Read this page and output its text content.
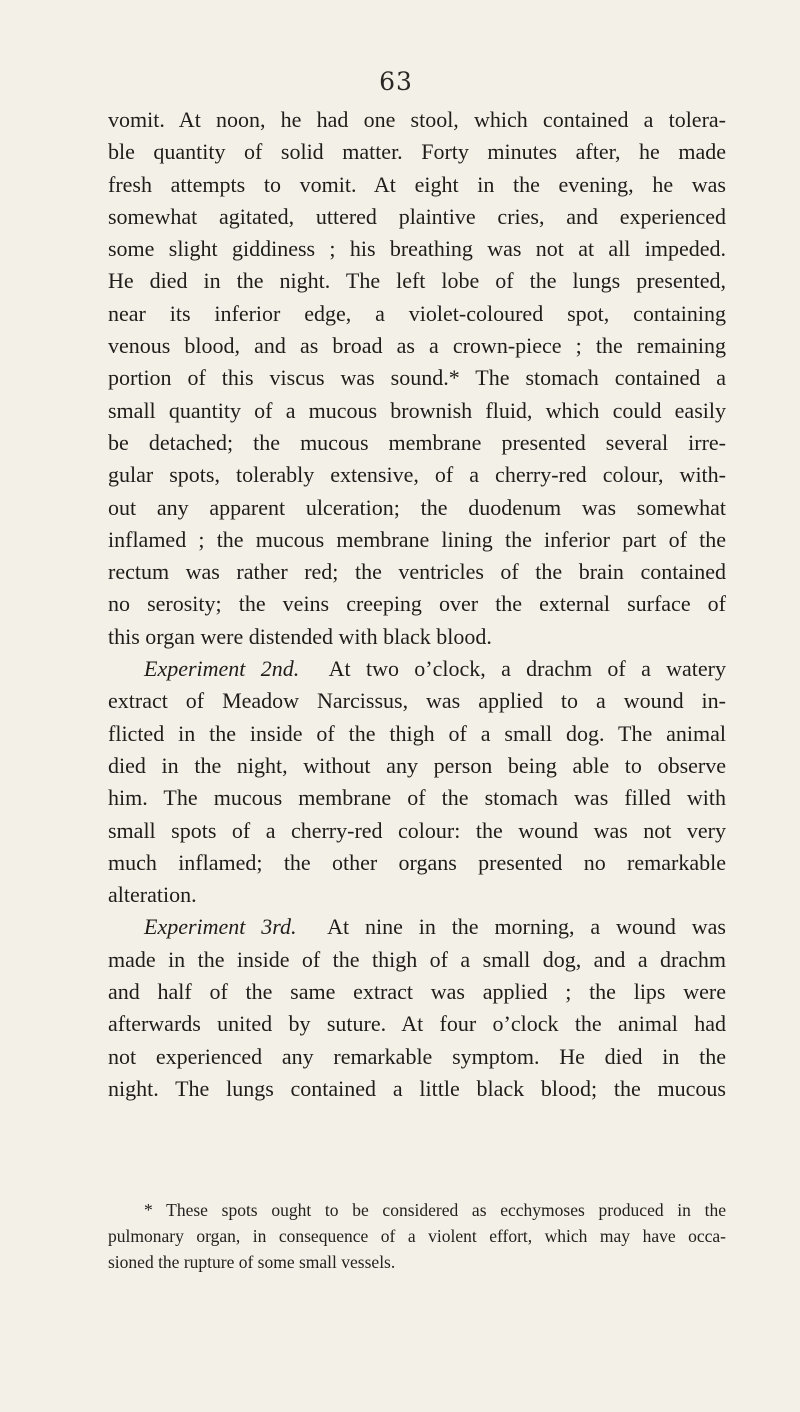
63
vomit. At noon, he had one stool, which contained a tolera-
ble quantity of solid matter. Forty minutes after, he made
fresh attempts to vomit. At eight in the evening, he was
somewhat agitated, uttered plaintive cries, and experienced
some slight giddiness ; his breathing was not at all impeded.
He died in the night. The left lobe of the lungs presented,
near its inferior edge, a violet-coloured spot, containing
venous blood, and as broad as a crown-piece ; the remaining
portion of this viscus was sound.* The stomach contained a
small quantity of a mucous brownish fluid, which could easily
be detached; the mucous membrane presented several irre-
gular spots, tolerably extensive, of a cherry-red colour, with-
out any apparent ulceration; the duodenum was somewhat
inflamed ; the mucous membrane lining the inferior part of the
rectum was rather red; the ventricles of the brain contained
no serosity; the veins creeping over the external surface of
this organ were distended with black blood.
Experiment 2nd. At two o’clock, a drachm of a watery
extract of Meadow Narcissus, was applied to a wound in-
flicted in the inside of the thigh of a small dog. The animal
died in the night, without any person being able to observe
him. The mucous membrane of the stomach was filled with
small spots of a cherry-red colour: the wound was not very
much inflamed; the other organs presented no remarkable
alteration.
Experiment 3rd. At nine in the morning, a wound was
made in the inside of the thigh of a small dog, and a drachm
and half of the same extract was applied ; the lips were
afterwards united by suture. At four o’clock the animal had
not experienced any remarkable symptom. He died in the
night. The lungs contained a little black blood; the mucous
* These spots ought to be considered as ecchymoses produced in the
pulmonary organ, in consequence of a violent effort, which may have occa-
sioned the rupture of some small vessels.
